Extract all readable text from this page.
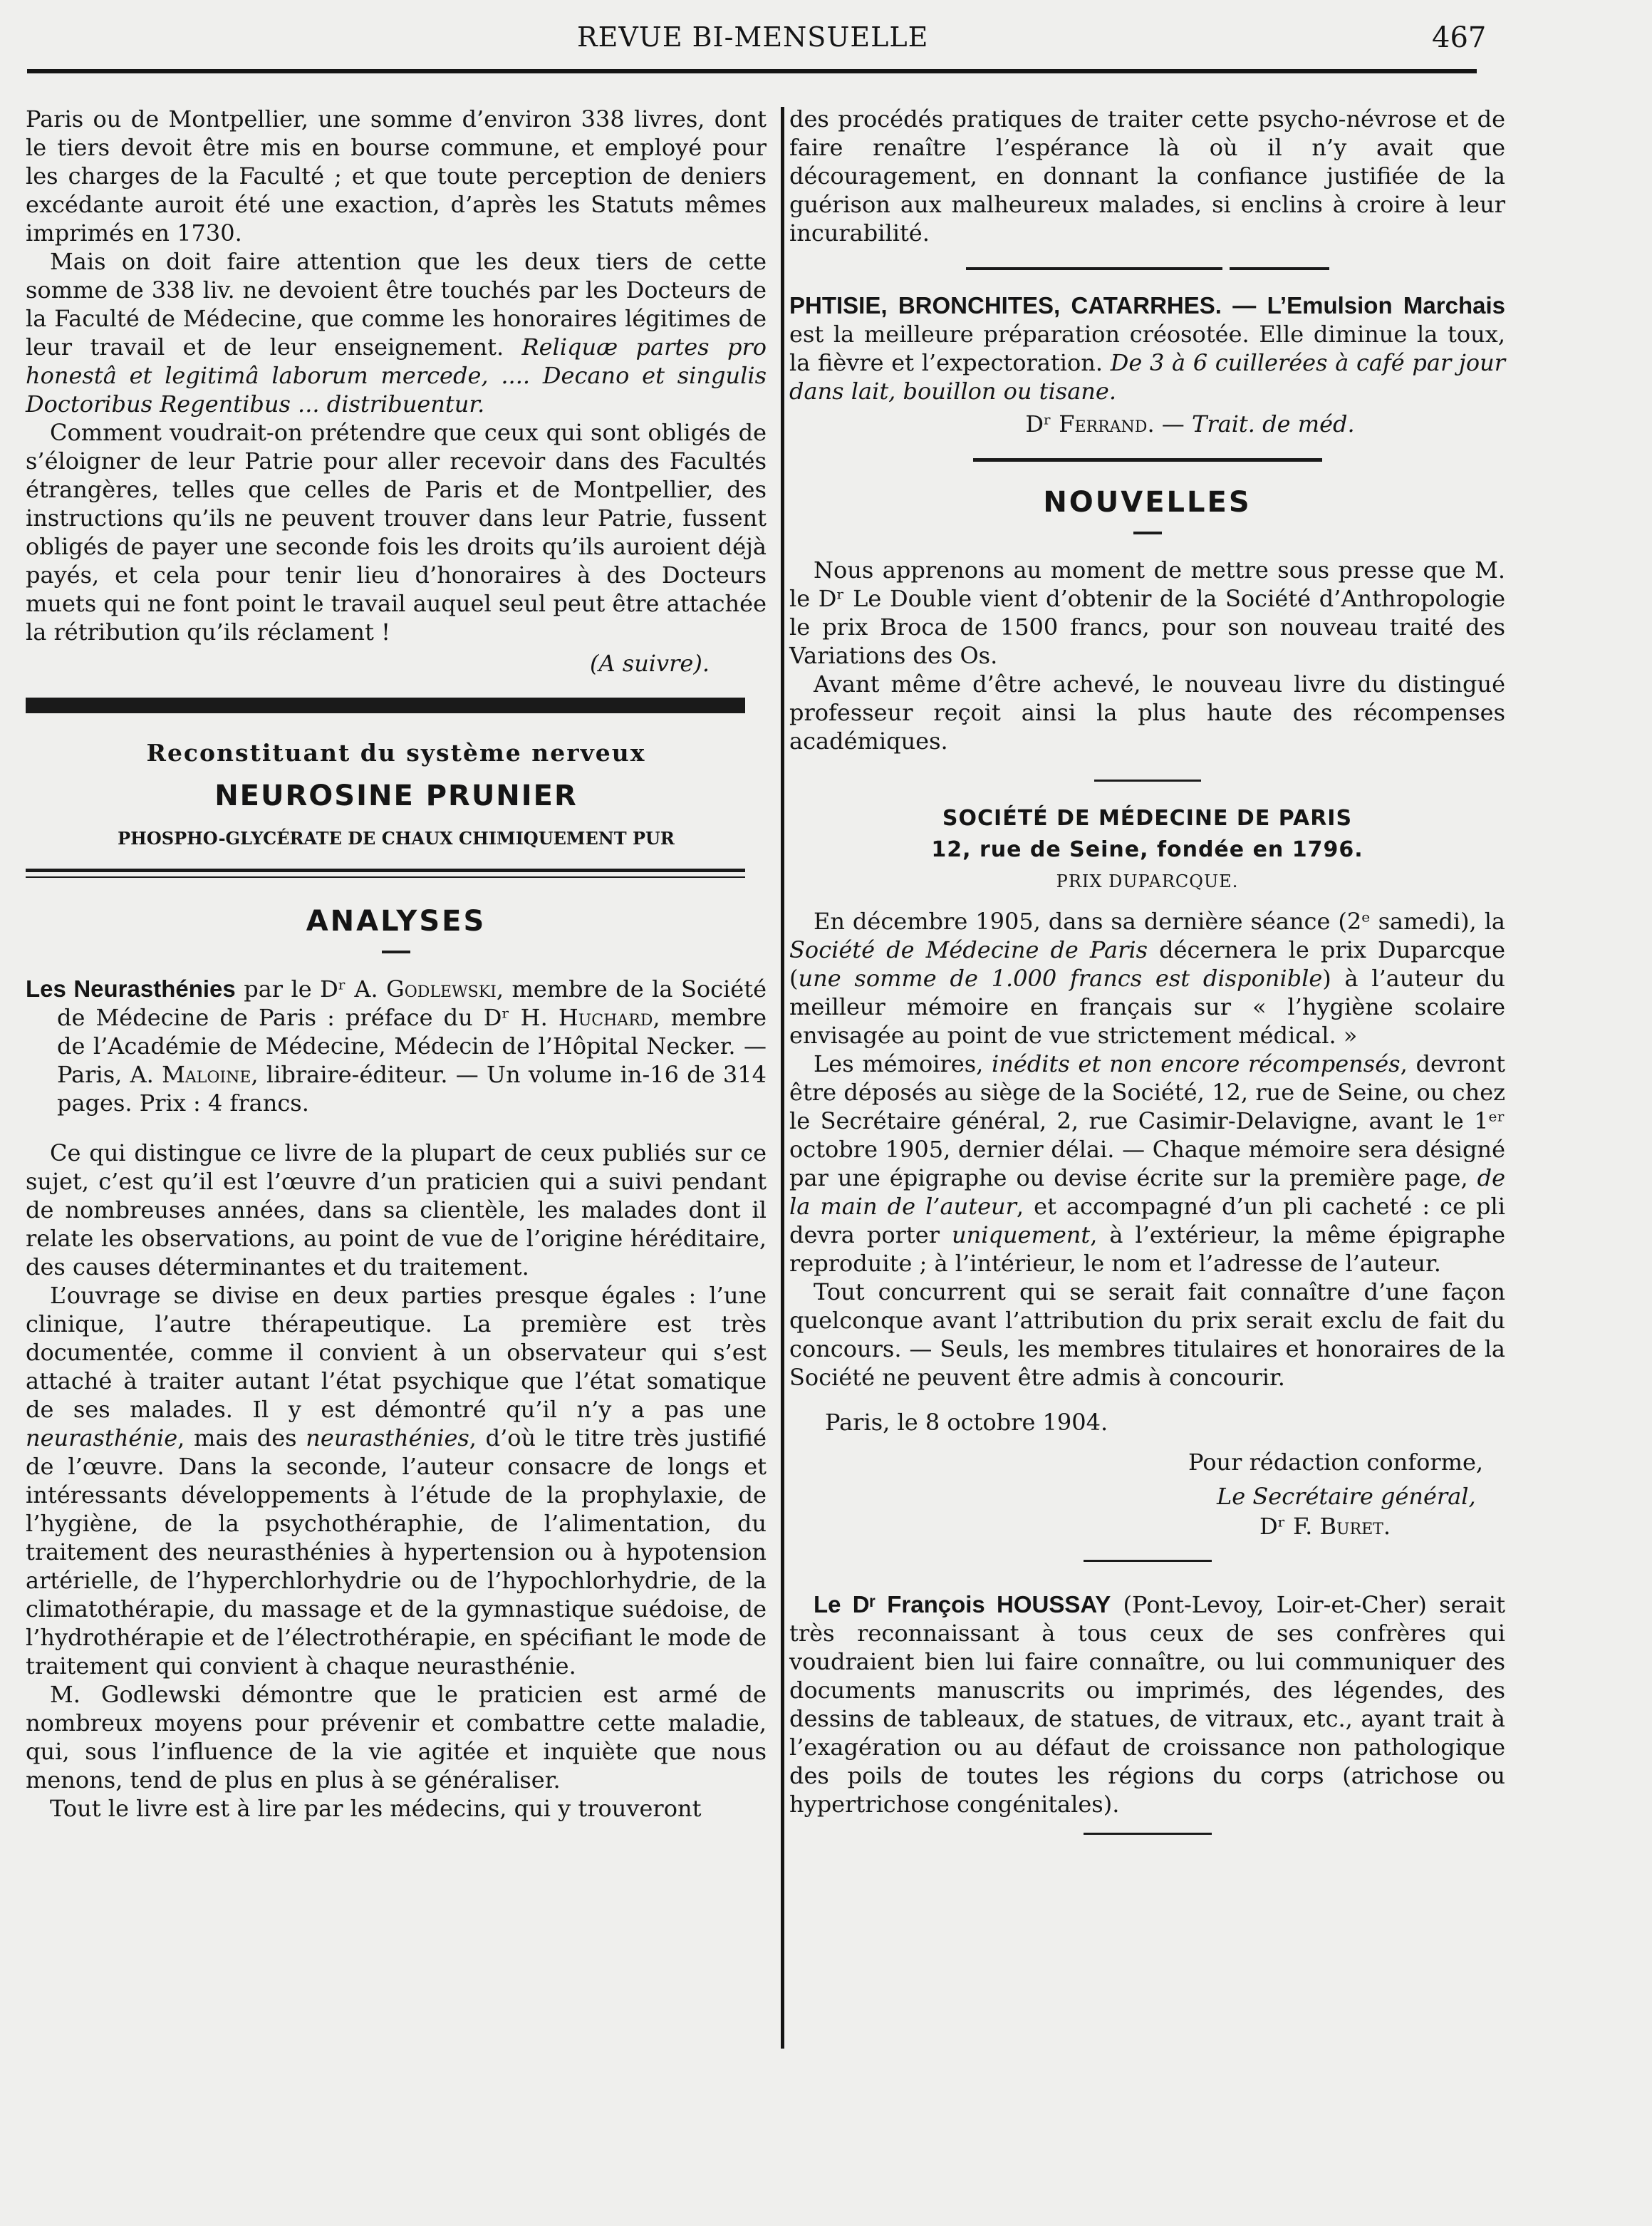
REVUE BI-MENSUELLE	467

Paris ou de Montpellier, une somme d’environ 338 livres, dont le tiers devoit être mis en bourse commune, et employé pour les charges de la Faculté ; et que toute perception de deniers excédante auroit été une exaction, d’après les Statuts mêmes imprimés en 1730.

Mais on doit faire attention que les deux tiers de cette somme de 338 liv. ne devoient être touchés par les Docteurs de la Faculté de Médecine, que comme les honoraires légitimes de leur travail et de leur enseignement. Reliquæ partes pro honestâ et legitimâ laborum mercede, .... Decano et singulis Doctoribus Regentibus ... distribuentur.

Comment voudrait-on prétendre que ceux qui sont obligés de s’éloigner de leur Patrie pour aller recevoir dans des Facultés étrangères, telles que celles de Paris et de Montpellier, des instructions qu’ils ne peuvent trouver dans leur Patrie, fussent obligés de payer une seconde fois les droits qu’ils auroient déjà payés, et cela pour tenir lieu d’honoraires à des Docteurs muets qui ne font point le travail auquel seul peut être attachée la rétribution qu’ils réclament !

(A suivre).

Reconstituant du système nerveux
NEUROSINE PRUNIER
PHOSPHO-GLYCÉRATE DE CHAUX CHIMIQUEMENT PUR
ANALYSES
Les Neurasthénies par le Dʳ A. Godlewski, membre de la Société de Médecine de Paris : préface du Dʳ H. Huchard, membre de l’Académie de Médecine, Médecin de l’Hôpital Necker. — Paris, A. Maloine, libraire-éditeur. — Un volume in-16 de 314 pages. Prix : 4 francs.

Ce qui distingue ce livre de la plupart de ceux publiés sur ce sujet, c’est qu’il est l’œuvre d’un praticien qui a suivi pendant de nombreuses années, dans sa clientèle, les malades dont il relate les observations, au point de vue de l’origine héréditaire, des causes déterminantes et du traitement.

L’ouvrage se divise en deux parties presque égales : l’une clinique, l’autre thérapeutique. La première est très documentée, comme il convient à un observateur qui s’est attaché à traiter autant l’état psychique que l’état somatique de ses malades. Il y est démontré qu’il n’y a pas une neurasthénie, mais des neurasthénies, d’où le titre très justifié de l’œuvre. Dans la seconde, l’auteur consacre de longs et intéressants développements à l’étude de la prophylaxie, de l’hygiène, de la psychothéraphie, de l’alimentation, du traitement des neurasthénies à hypertension ou à hypotension artérielle, de l’hyperchlorhydrie ou de l’hypochlorhydrie, de la climatothérapie, du massage et de la gymnastique suédoise, de l’hydrothérapie et de l’électrothérapie, en spécifiant le mode de traitement qui convient à chaque neurasthénie.

M. Godlewski démontre que le praticien est armé de nombreux moyens pour prévenir et combattre cette maladie, qui, sous l’influence de la vie agitée et inquiète que nous menons, tend de plus en plus à se généraliser.

Tout le livre est à lire par les médecins, qui y trouveront

des procédés pratiques de traiter cette psycho-névrose et de faire renaître l’espérance là où il n’y avait que découragement, en donnant la confiance justifiée de la guérison aux malheureux malades, si enclins à croire à leur incurabilité.

PHTISIE, BRONCHITES, CATARRHES. — L’Emulsion Marchais est la meilleure préparation créosotée. Elle diminue la toux, la fièvre et l’expectoration. De 3 à 6 cuillerées à café par jour dans lait, bouillon ou tisane.

Dʳ Ferrand. — Trait. de méd.

NOUVELLES

Nous apprenons au moment de mettre sous presse que M. le Dʳ Le Double vient d’obtenir de la Société d’Anthropologie le prix Broca de 1500 francs, pour son nouveau traité des Variations des Os.

Avant même d’être achevé, le nouveau livre du distingué professeur reçoit ainsi la plus haute des récompenses académiques.

SOCIÉTÉ DE MÉDECINE DE PARIS
12, rue de Seine, fondée en 1796.
PRIX DUPARCQUE.

En décembre 1905, dans sa dernière séance (2ᵉ samedi), la Société de Médecine de Paris décernera le prix Duparcque (une somme de 1.000 francs est disponible) à l’auteur du meilleur mémoire en français sur « l’hygiène scolaire envisagée au point de vue strictement médical. »

Les mémoires, inédits et non encore récompensés, devront être déposés au siège de la Société, 12, rue de Seine, ou chez le Secrétaire général, 2, rue Casimir-Delavigne, avant le 1ᵉʳ octobre 1905, dernier délai. — Chaque mémoire sera désigné par une épigraphe ou devise écrite sur la première page, de la main de l’auteur, et accompagné d’un pli cacheté : ce pli devra porter uniquement, à l’extérieur, la même épigraphe reproduite ; à l’intérieur, le nom et l’adresse de l’auteur.

Tout concurrent qui se serait fait connaître d’une façon quelconque avant l’attribution du prix serait exclu de fait du concours. — Seuls, les membres titulaires et honoraires de la Société ne peuvent être admis à concourir.

Paris, le 8 octobre 1904.

Pour rédaction conforme,

Le Secrétaire général,

Dʳ F. Buret.

Le Dʳ François HOUSSAY (Pont-Levoy, Loir-et-Cher) serait très reconnaissant à tous ceux de ses confrères qui voudraient bien lui faire connaître, ou lui communiquer des documents manuscrits ou imprimés, des légendes, des dessins de tableaux, de statues, de vitraux, etc., ayant trait à l’exagération ou au défaut de croissance non pathologique des poils de toutes les régions du corps (atrichose ou hypertrichose congénitales).
